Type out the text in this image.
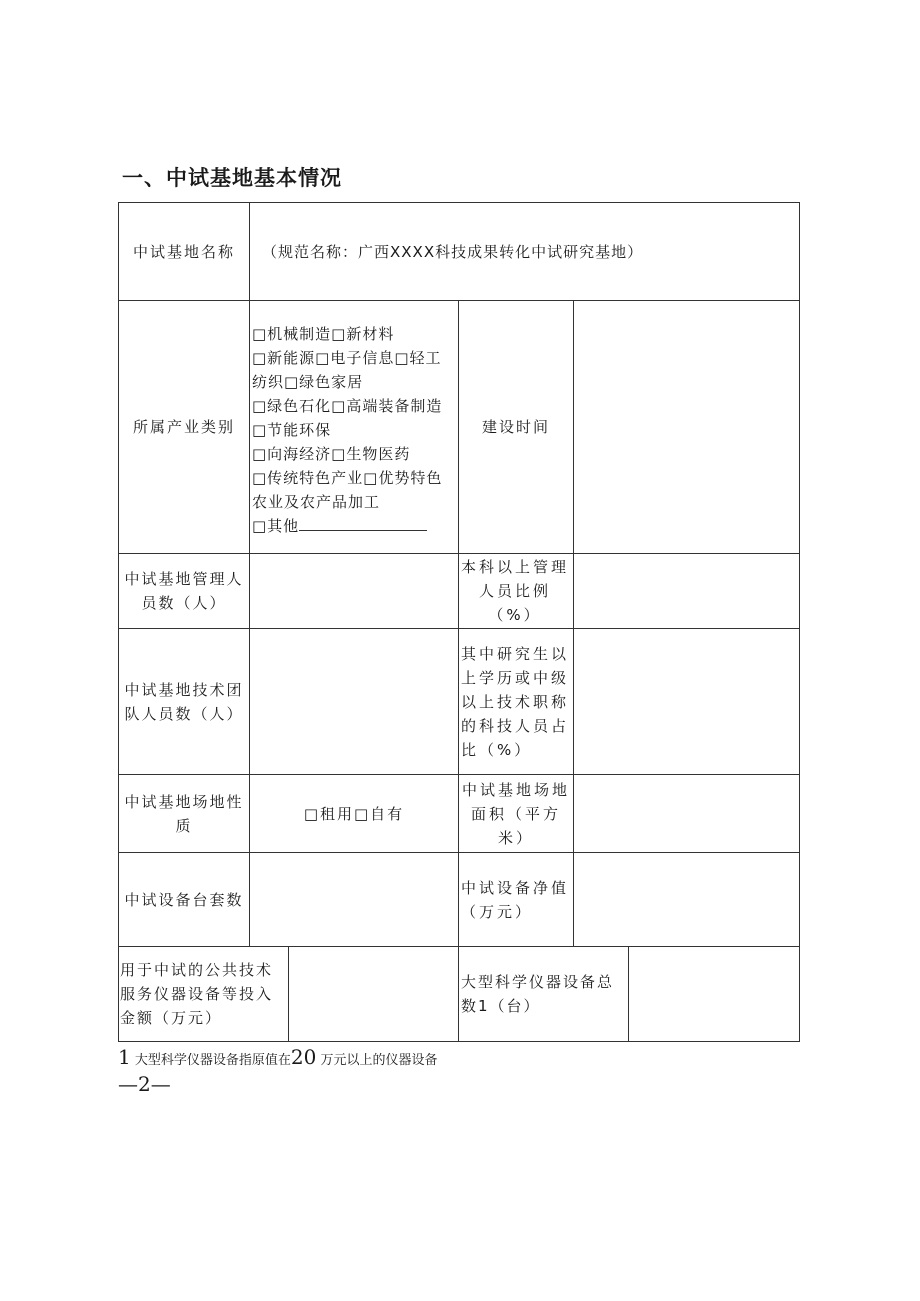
一、中试基地基本情况
中试基地名称 （规范名称：广西XXXX科技成果转化中试研究基地）
所属产业类别
□机械制造□新材料
□新能源□电子信息□轻工
纺织□绿色家居
□绿色石化□高端装备制造
□节能环保
□向海经济□生物医药
□传统特色产业□优势特色
农业及农产品加工
□其他
建设时间
中试基地管理人员数（人）
本科以上管理人员比例（%）
中试基地技术团队人员数（人）
其中研究生以上学历或中级以上技术职称的科技人员占比（%）
中试基地场地性质
□租用□自有
中试基地场地面积（平方米）
中试设备台套数
中试设备净值（万元）
用于中试的公共技术服务仪器设备等投入金额（万元）
大型科学仪器设备总数1（台）
1 大型科学仪器设备指原值在20 万元以上的仪器设备
—2—
